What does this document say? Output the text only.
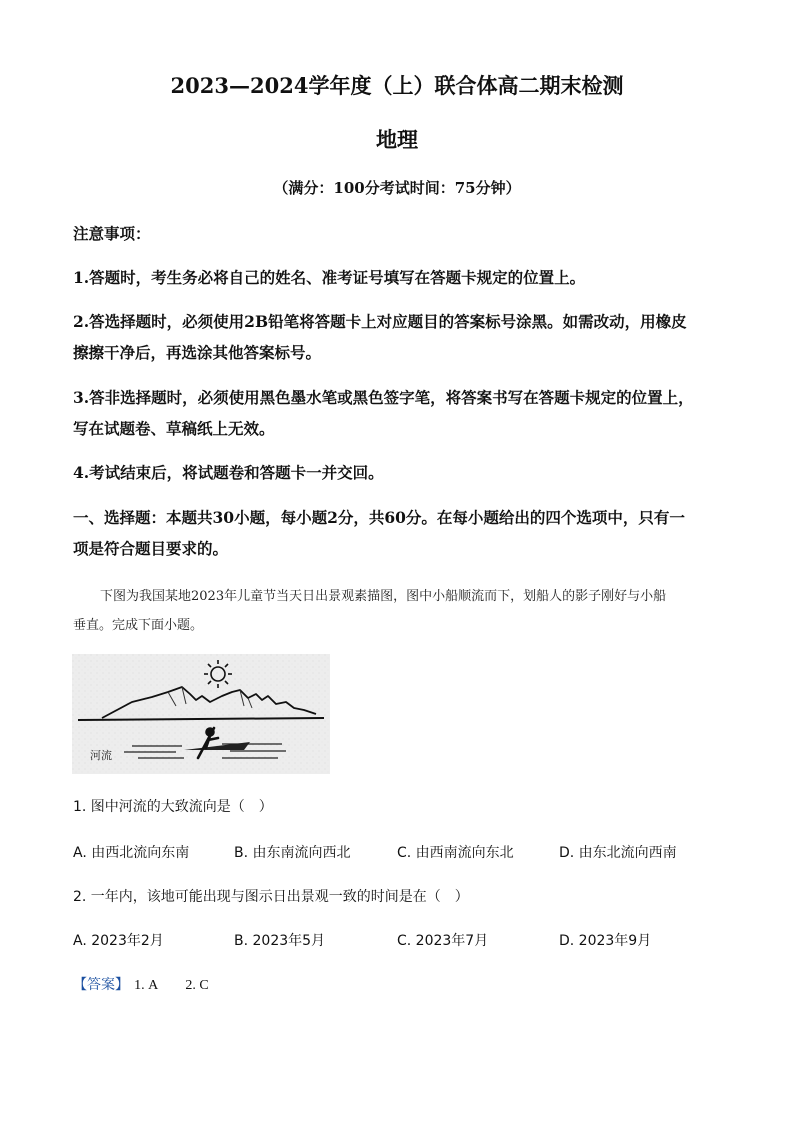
2023—2024学年度（上）联合体高二期末检测
地理
（满分：100分考试时间：75分钟）
注意事项：
1.答题时，考生务必将自己的姓名、准考证号填写在答题卡规定的位置上。
2.答选择题时，必须使用2B铅笔将答题卡上对应题目的答案标号涂黑。如需改动，用橡皮
擦擦干净后，再选涂其他答案标号。
3.答非选择题时，必须使用黑色墨水笔或黑色签字笔，将答案书写在答题卡规定的位置上，
写在试题卷、草稿纸上无效。
4.考试结束后，将试题卷和答题卡一并交回。
一、选择题：本题共30小题，每小题2分，共60分。在每小题给出的四个选项中，只有一
项是符合题目要求的。
下图为我国某地2023年儿童节当天日出景观素描图，图中小船顺流而下，划船人的影子刚好与小船
垂直。完成下面小题。
河流
1. 图中河流的大致流向是（　）
A. 由西北流向东南	B. 由东南流向西北	C. 由西南流向东北	D. 由东北流向西南
2. 一年内，该地可能出现与图示日出景观一致的时间是在（　）
A. 2023年2月	B. 2023年5月	C. 2023年7月	D. 2023年9月
【答案】 1. A　　2. C
